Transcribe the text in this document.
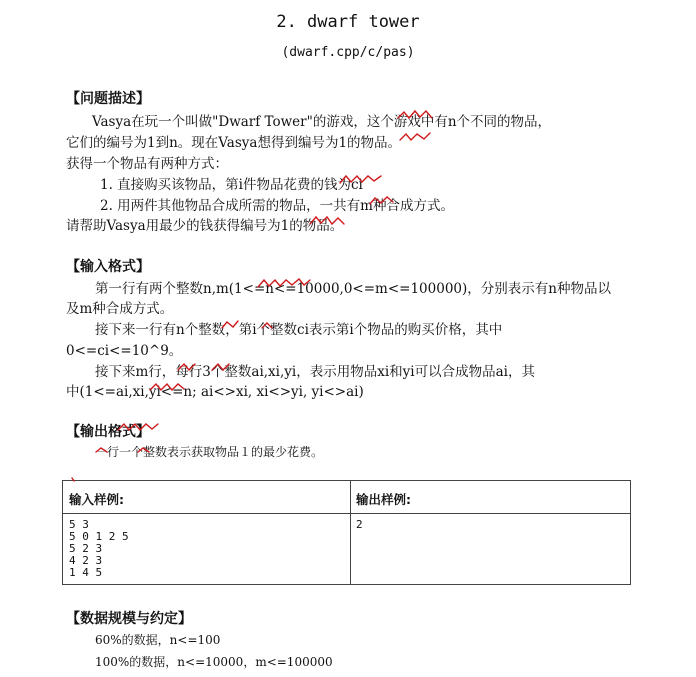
2. dwarf tower
(dwarf.cpp/c/pas)
【问题描述】
Vasya在玩一个叫做"Dwarf Tower"的游戏，这个游戏中有n个不同的物品，
它们的编号为1到n。现在Vasya想得到编号为1的物品。
获得一个物品有两种方式：
1. 直接购买该物品，第i件物品花费的钱为ci
2. 用两件其他物品合成所需的物品，一共有m种合成方式。
请帮助Vasya用最少的钱获得编号为1的物品。
【输入格式】
第一行有两个整数n,m(1<=n<=10000,0<=m<=100000)，分别表示有n种物品以
及m种合成方式。
接下来一行有n个整数，第i个整数ci表示第i个物品的购买价格，其中
0<=ci<=10^9。
接下来m行，每行3个整数ai,xi,yi，表示用物品xi和yi可以合成物品ai，其
中(1<=ai,xi,yi<=n; ai<>xi, xi<>yi, yi<>ai)
【输出格式】
一行一个整数表示获取物品１的最少花费。
输入样例:	输出样例:
5 3
5 0 1 2 5
5 2 3
4 2 3
1 4 5
2
【数据规模与约定】
60%的数据，n<=100
100%的数据，n<=10000，m<=100000
